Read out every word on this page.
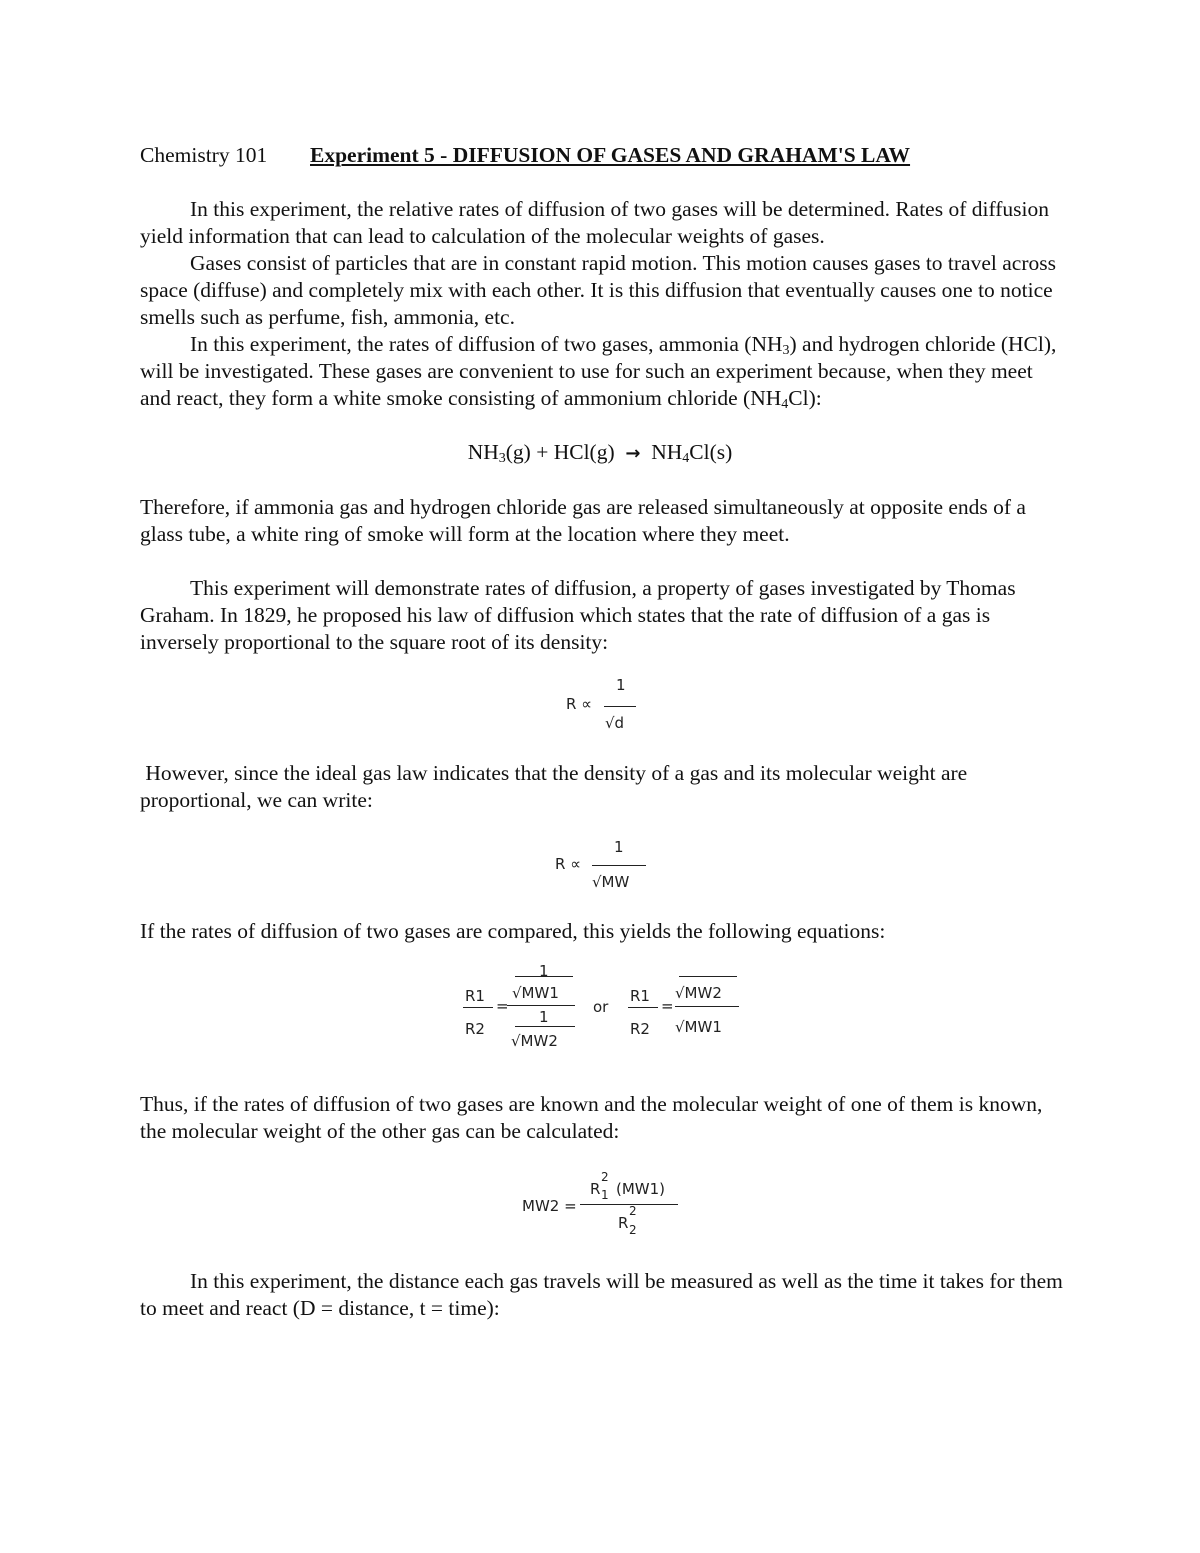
Chemistry 101 Experiment 5 - DIFFUSION OF GASES AND GRAHAM'S LAW

In this experiment, the relative rates of diffusion of two gases will be determined. Rates of diffusion yield information that can lead to calculation of the molecular weights of gases.

Gases consist of particles that are in constant rapid motion. This motion causes gases to travel across space (diffuse) and completely mix with each other. It is this diffusion that eventually causes one to notice smells such as perfume, fish, ammonia, etc.

In this experiment, the rates of diffusion of two gases, ammonia $(NH_3)$ and hydrogen chloride (HCl), will be investigated. These gases are convenient to use for such an experiment because, when they meet and react, they form a white smoke consisting of ammonium chloride $(NH_4Cl)$:

$NH_3(g) + HCl(g) \to NH_4Cl(s)$

Therefore, if ammonia gas and hydrogen chloride gas are released simultaneously at opposite ends of a glass tube, a white ring of smoke will form at the location where they meet.

This experiment will demonstrate rates of diffusion, a property of gases investigated by Thomas Graham. In 1829, he proposed his law of diffusion which states that the rate of diffusion of a gas is inversely proportional to the square root of its density:

R ∝
1
√d

However, since the ideal gas law indicates that the density of a gas and its molecular weight are proportional, we can write:

R ∝
1
√MW

If the rates of diffusion of two gases are compared, this yields the following equations:

R1
R2
=
1
√MW1
1
√MW2
or
R1
R2
=
√MW2
√MW1

Thus, if the rates of diffusion of two gases are known and the molecular weight of one of them is known, the molecular weight of the other gas can be calculated:

MW2 =
R
2
1 (MW1)
R
2
2

In this experiment, the distance each gas travels will be measured as well as the time it takes for them to meet and react (D = distance, t = time):
